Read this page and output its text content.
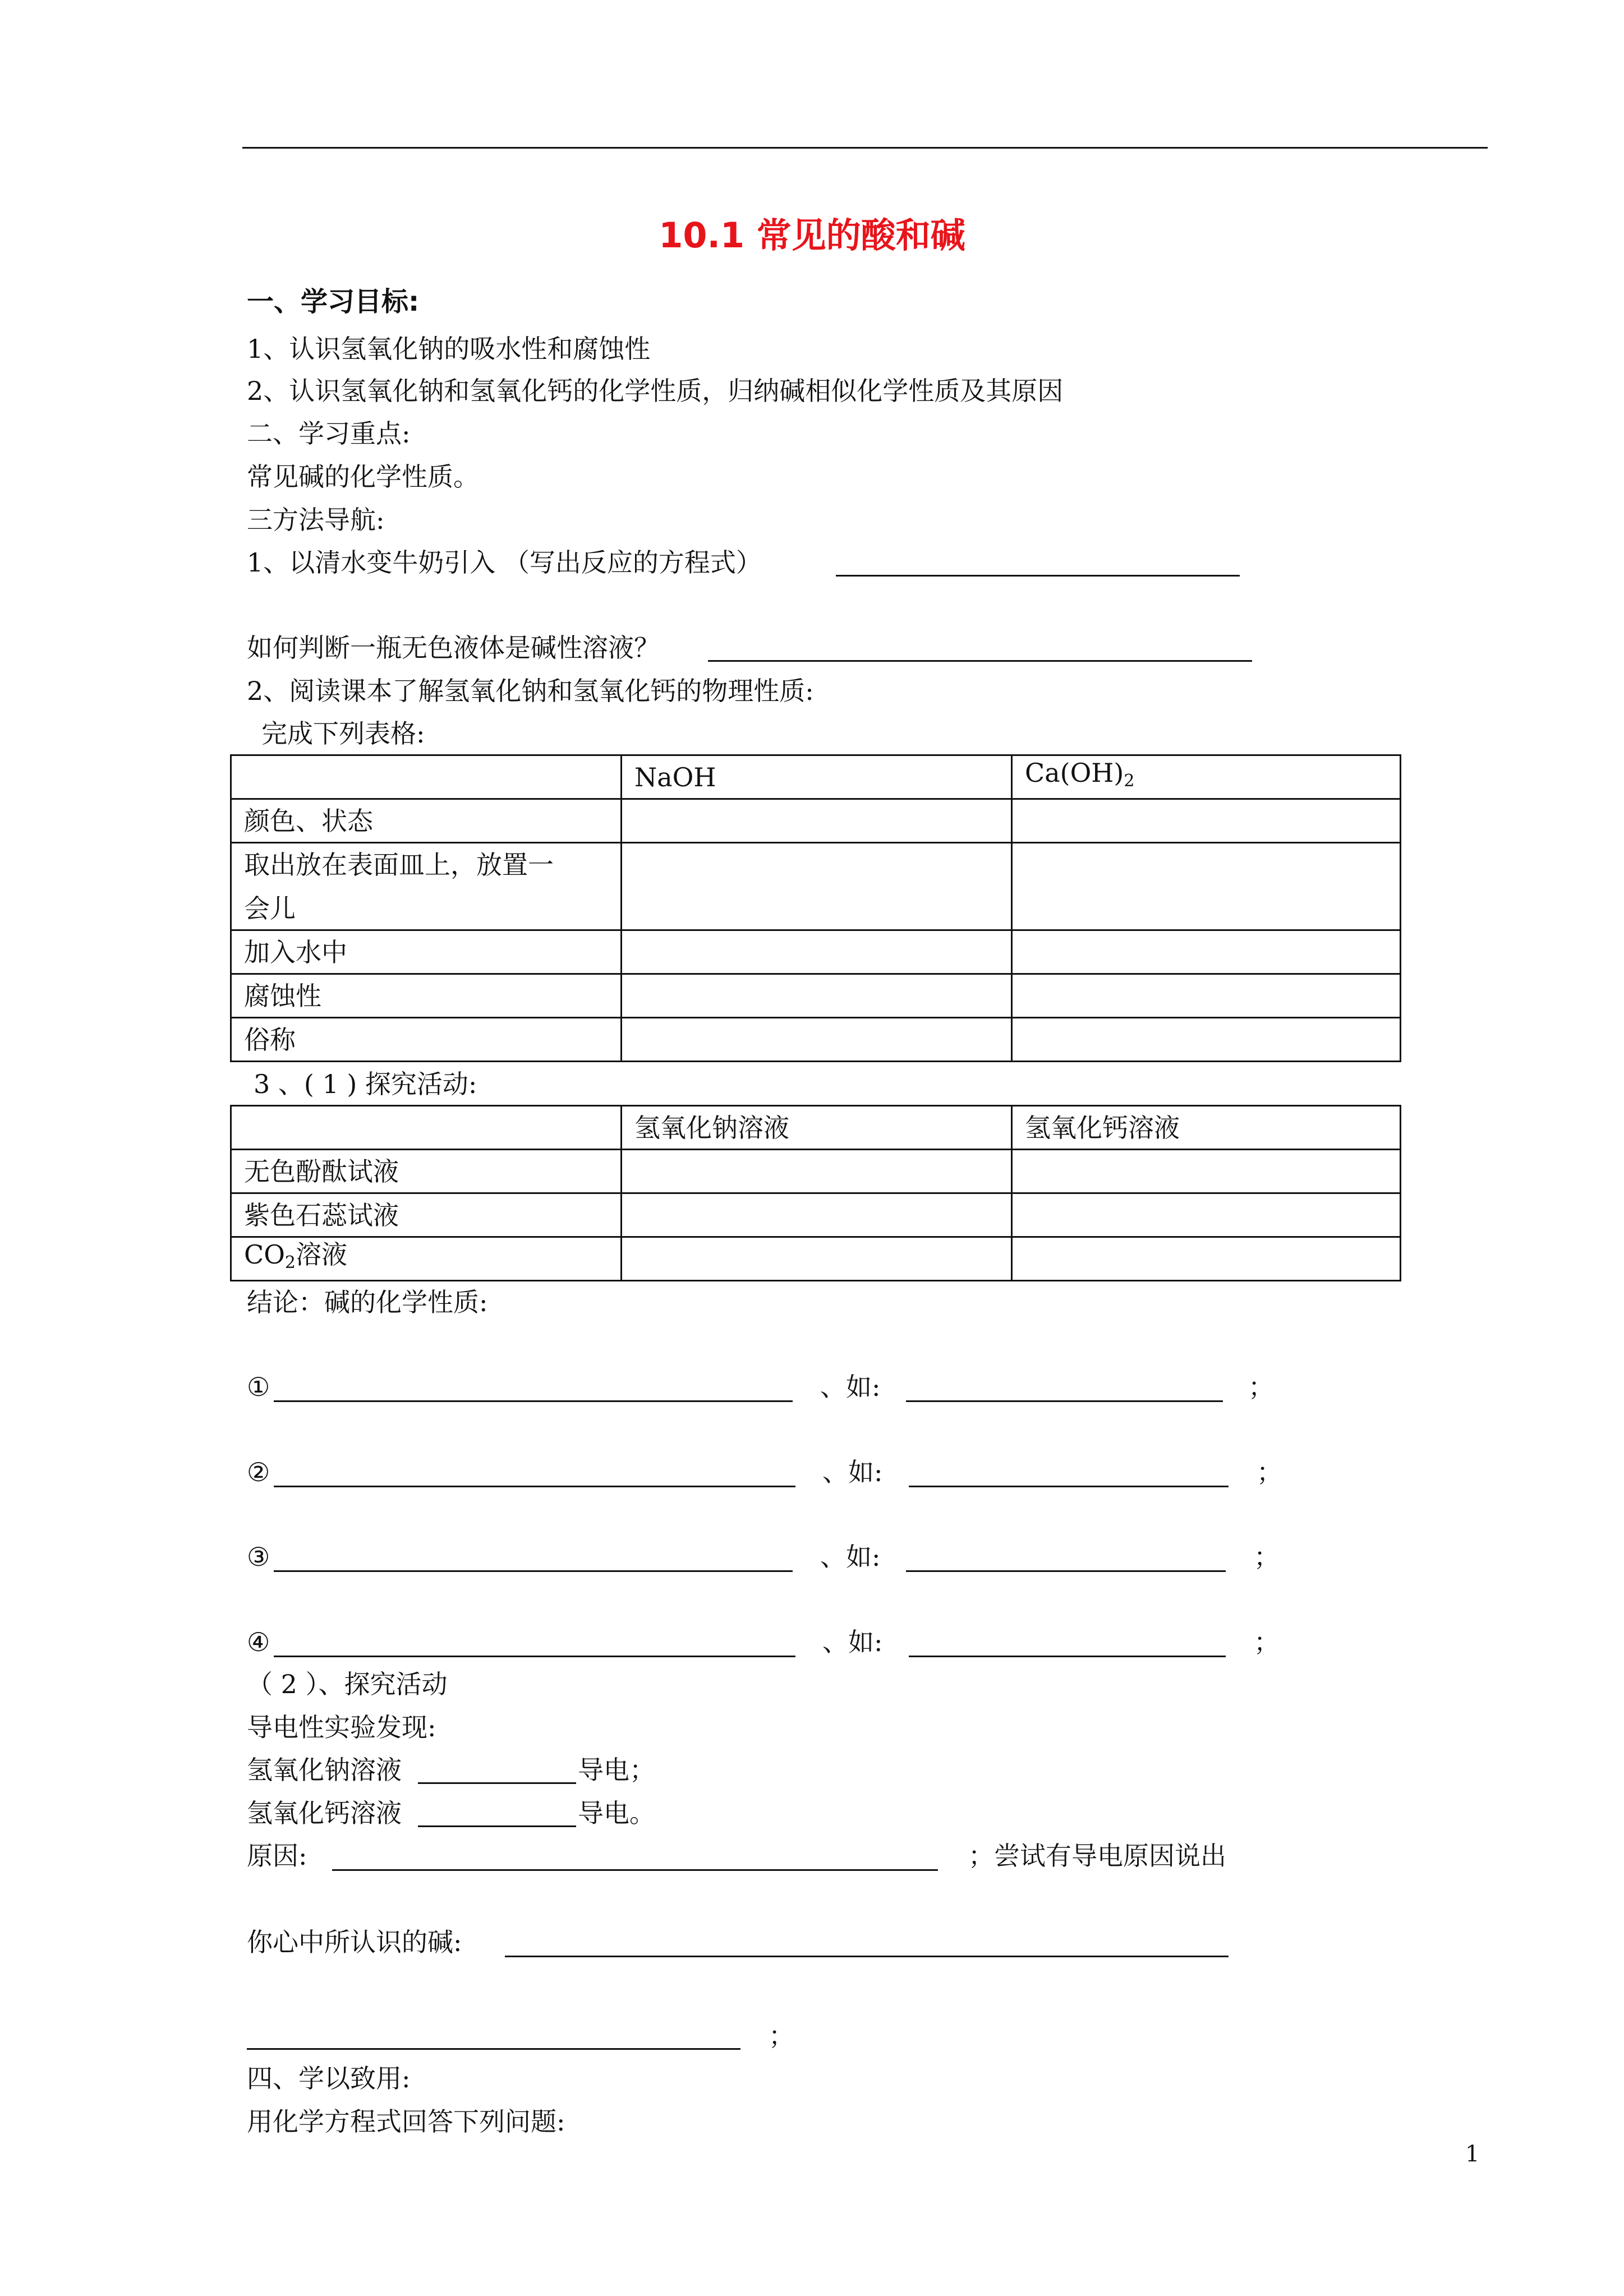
10.1 常见的酸和碱
一、学习目标:
1、认识氢氧化钠的吸水性和腐蚀性
2、认识氢氧化钠和氢氧化钙的化学性质，归纳碱相似化学性质及其原因
二、学习重点:
常见碱的化学性质。
三方法导航:
1、以清水变牛奶引入 （写出反应的方程式）
如何判断一瓶无色液体是碱性溶液？
2、阅读课本了解氢氧化钠和氢氧化钙的物理性质:
完成下列表格:
	NaOH	$Ca(OH)_2$
颜色、状态		

取出放在表面皿上，放置一
会儿		

加入水中		
腐蚀性		
俗称		
3 、( 1 ) 探究活动:
	氢氧化钠溶液	氢氧化钙溶液
无色酚酞试液		
紫色石蕊试液		
$CO_2$溶液		
结论：碱的化学性质:
①	、如:	；
②	、如:	；
③	、如:	；
④	、如:	；
（ 2 ）、探究活动
导电性实验发现:
氢氧化钠溶液	导电；
氢氧化钙溶液	导电。
原因:	；尝试有导电原因说出
你心中所认识的碱:
；
四、学以致用:
用化学方程式回答下列问题:
1
